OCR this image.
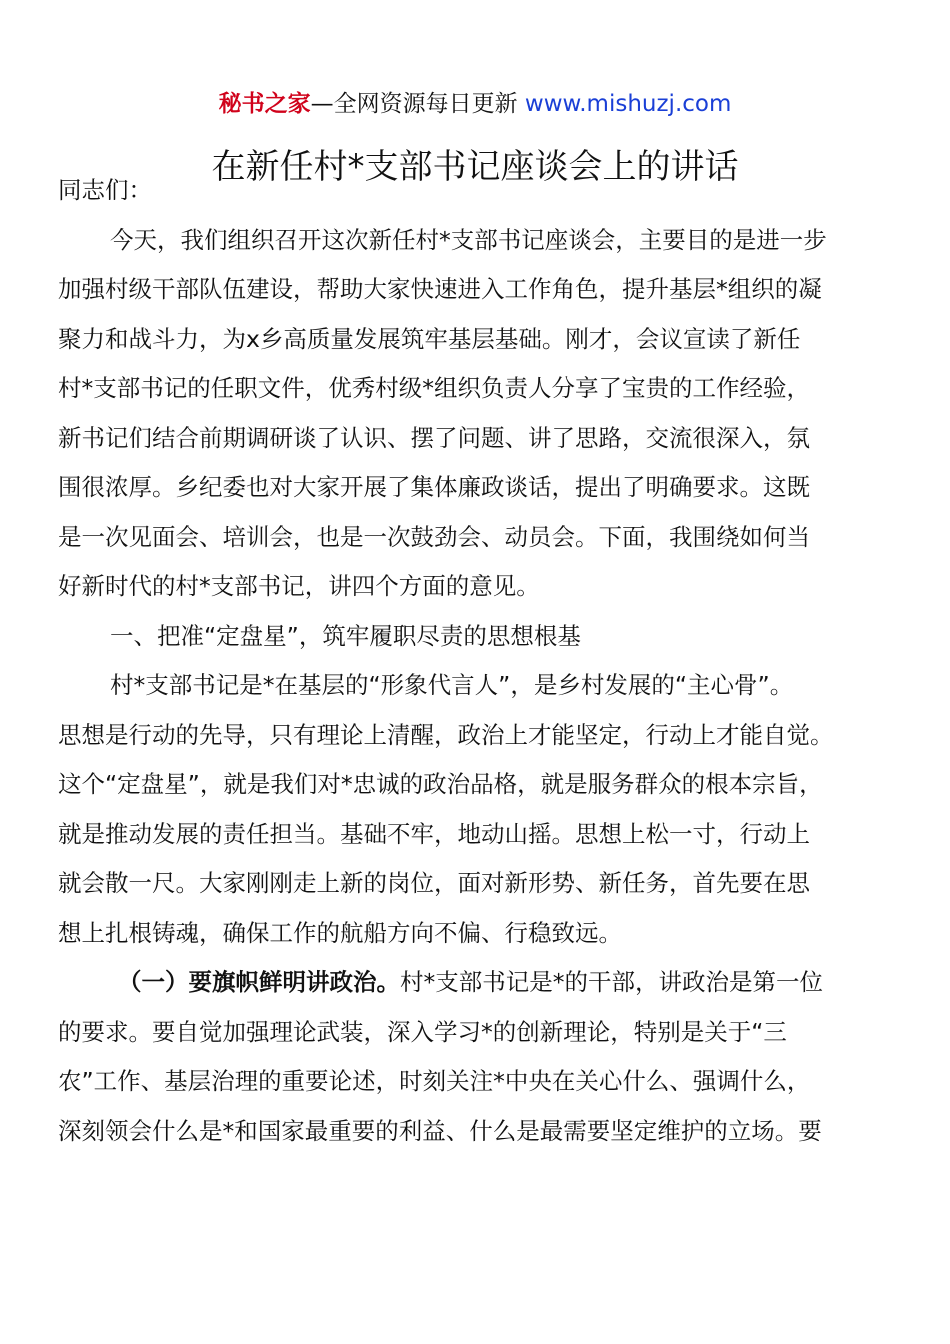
秘书之家—全网资源每日更新 www.mishuzj.com
在新任村*支部书记座谈会上的讲话
同志们：
今天，我们组织召开这次新任村*支部书记座谈会，主要目的是进一步
加强村级干部队伍建设，帮助大家快速进入工作角色，提升基层*组织的凝
聚力和战斗力，为x乡高质量发展筑牢基层基础。刚才，会议宣读了新任
村*支部书记的任职文件，优秀村级*组织负责人分享了宝贵的工作经验，
新书记们结合前期调研谈了认识、摆了问题、讲了思路，交流很深入，氛
围很浓厚。乡纪委也对大家开展了集体廉政谈话，提出了明确要求。这既
是一次见面会、培训会，也是一次鼓劲会、动员会。下面，我围绕如何当
好新时代的村*支部书记，讲四个方面的意见。
一、把准“定盘星”，筑牢履职尽责的思想根基
村*支部书记是*在基层的“形象代言人”，是乡村发展的“主心骨”。
思想是行动的先导，只有理论上清醒，政治上才能坚定，行动上才能自觉。
这个“定盘星”，就是我们对*忠诚的政治品格，就是服务群众的根本宗旨，
就是推动发展的责任担当。基础不牢，地动山摇。思想上松一寸，行动上
就会散一尺。大家刚刚走上新的岗位，面对新形势、新任务，首先要在思
想上扎根铸魂，确保工作的航船方向不偏、行稳致远。
（一）要旗帜鲜明讲政治。村*支部书记是*的干部，讲政治是第一位
的要求。要自觉加强理论武装，深入学习*的创新理论，特别是关于“三
农”工作、基层治理的重要论述，时刻关注*中央在关心什么、强调什么，
深刻领会什么是*和国家最重要的利益、什么是最需要坚定维护的立场。要
